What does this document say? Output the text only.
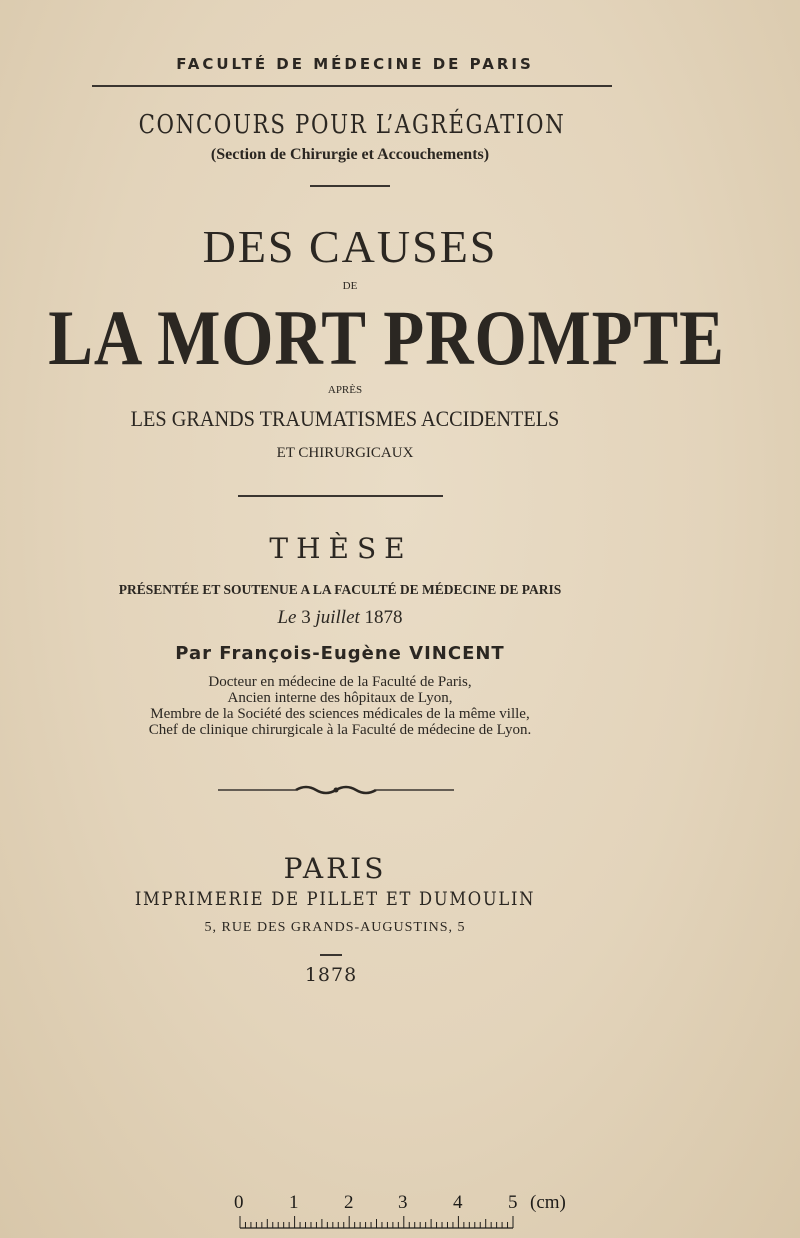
FACULTÉ DE MÉDECINE DE PARIS
CONCOURS POUR L’AGRÉGATION
(Section de Chirurgie et Accouchements)
DES CAUSES
DE
LA MORT PROMPTE
APRÈS
LES GRANDS TRAUMATISMES ACCIDENTELS
ET CHIRURGICAUX
THÈSE
PRÉSENTÉE ET SOUTENUE A LA FACULTÉ DE MÉDECINE DE PARIS
Le 3 juillet 1878
Par François-Eugène VINCENT
Docteur en médecine de la Faculté de Paris,
Ancien interne des hôpitaux de Lyon,
Membre de la Société des sciences médicales de la même ville,
Chef de clinique chirurgicale à la Faculté de médecine de Lyon.
PARIS
IMPRIMERIE DE PILLET ET DUMOULIN
5, RUE DES GRANDS-AUGUSTINS, 5
1878
0 1 2 3 4 5 (cm)
